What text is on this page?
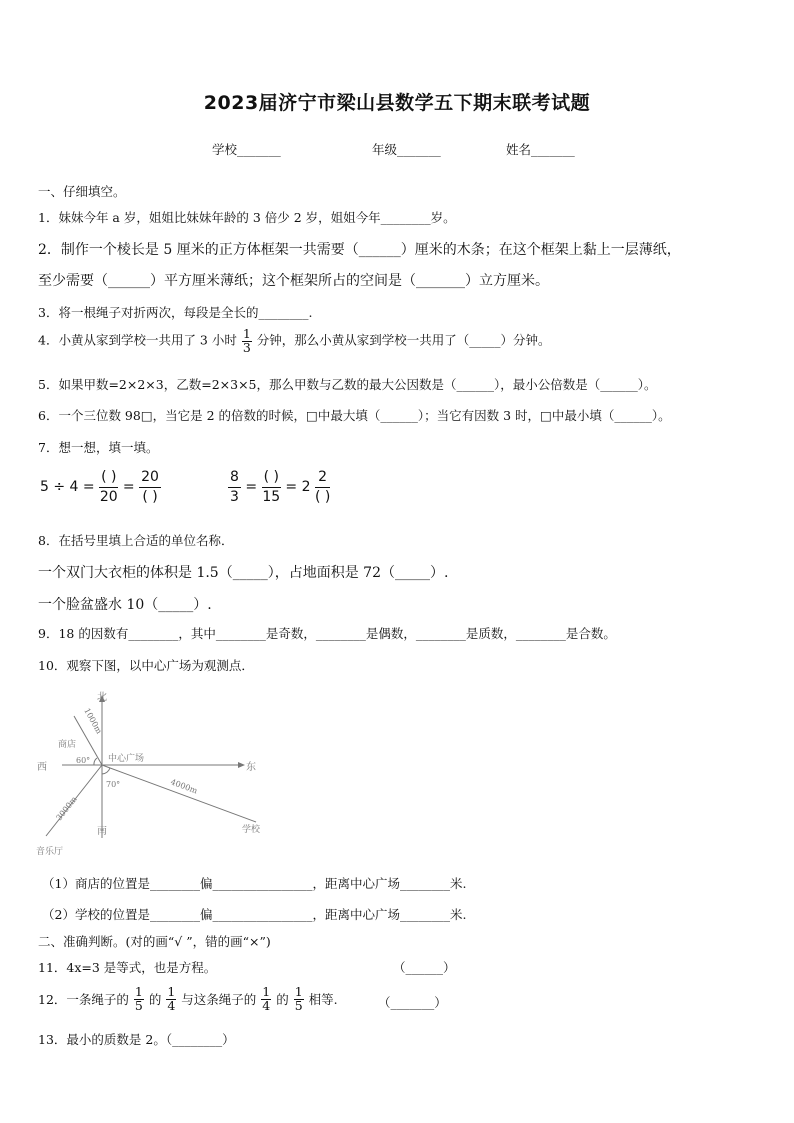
2023届济宁市梁山县数学五下期末联考试题
学校_______	年级_______	姓名_______
一、仔细填空。
1．妹妹今年 a 岁，姐姐比妹妹年龄的 3 倍少 2 岁，姐姐今年________岁。
2．制作一个棱长是 5 厘米的正方体框架一共需要（______）厘米的木条；在这个框架上黏上一层薄纸，
至少需要（______）平方厘米薄纸；这个框架所占的空间是（_______）立方厘米。
3．将一根绳子对折两次，每段是全长的________.
4．小黄从家到学校一共用了 3 小时 $\frac{1}{3}$ 分钟，那么小黄从家到学校一共用了（_____）分钟。
5．如果甲数=2×2×3，乙数=2×3×5，那么甲数与乙数的最大公因数是（______），最小公倍数是（______）。
6．一个三位数 98□，当它是 2 的倍数的时候，□中最大填（______）；当它有因数 3 时，□中最小填（______）。
7．想一想，填一填。
$5 \div 4 = \frac{( )}{20} = \frac{20}{( )}$	$\frac{8}{3} = \frac{( )}{15} = 2 \frac{2}{( )}$
8．在括号里填上合适的单位名称．
一个双门大衣柜的体积是 1.5（_____），占地面积是 72（_____）.
一个脸盆盛水 10（_____）.
9．18 的因数有________，其中________是奇数，________是偶数，________是质数，________是合数。
10．观察下图，以中心广场为观测点．
北
南
东
西
中心广场
商店
1000m
60°
70°	4000m
学校
3000m
音乐厅
（1）商店的位置是________偏________________，距离中心广场________米.
（2）学校的位置是________偏________________，距离中心广场________米.
二、准确判断。(对的画“√ ”，错的画“×”)
11．4x=3 是等式，也是方程。	（______）
12．一条绳子的 $\frac{1}{5}$ 的 $\frac{1}{4}$ 与这条绳子的 $\frac{1}{4}$ 的 $\frac{1}{5}$ 相等.	（_______）
13．最小的质数是 2。（________）
